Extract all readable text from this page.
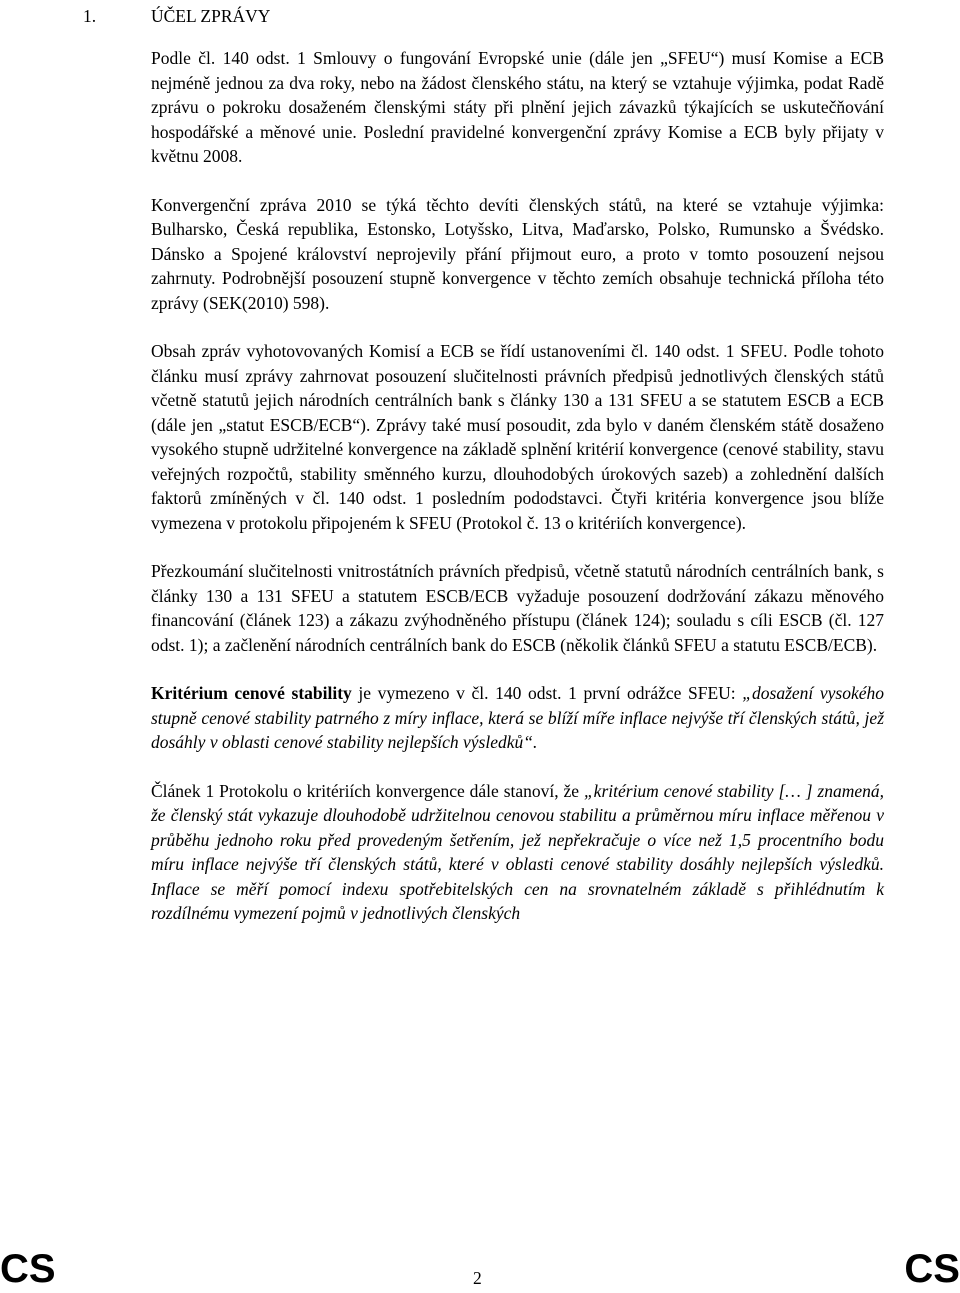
1.	ÚČEL ZPRÁVY

Podle čl. 140 odst. 1 Smlouvy o fungování Evropské unie (dále jen „SFEU“) musí Komise a ECB nejméně jednou za dva roky, nebo na žádost členského státu, na který se vztahuje výjimka, podat Radě zprávu o pokroku dosaženém členskými státy při plnění jejich závazků týkajících se uskutečňování hospodářské a měnové unie. Poslední pravidelné konvergenční zprávy Komise a ECB byly přijaty v květnu 2008.

Konvergenční zpráva 2010 se týká těchto devíti členských států, na které se vztahuje výjimka: Bulharsko, Česká republika, Estonsko, Lotyšsko, Litva, Maďarsko, Polsko, Rumunsko a Švédsko. Dánsko a Spojené království neprojevily přání přijmout euro, a proto v tomto posouzení nejsou zahrnuty. Podrobnější posouzení stupně konvergence v těchto zemích obsahuje technická příloha této zprávy (SEK(2010) 598).

Obsah zpráv vyhotovovaných Komisí a ECB se řídí ustanoveními čl. 140 odst. 1 SFEU. Podle tohoto článku musí zprávy zahrnovat posouzení slučitelnosti právních předpisů jednotlivých členských států včetně statutů jejich národních centrálních bank s články 130 a 131 SFEU a se statutem ESCB a ECB (dále jen „statut ESCB/ECB“). Zprávy také musí posoudit, zda bylo v daném členském státě dosaženo vysokého stupně udržitelné konvergence na základě splnění kritérií konvergence (cenové stability, stavu veřejných rozpočtů, stability směnného kurzu, dlouhodobých úrokových sazeb) a zohlednění dalších faktorů zmíněných v čl. 140 odst. 1 posledním pododstavci. Čtyři kritéria konvergence jsou blíže vymezena v protokolu připojeném k SFEU (Protokol č. 13 o kritériích konvergence).

Přezkoumání slučitelnosti vnitrostátních právních předpisů, včetně statutů národních centrálních bank, s články 130 a 131 SFEU a statutem ESCB/ECB vyžaduje posouzení dodržování zákazu měnového financování (článek 123) a zákazu zvýhodněného přístupu (článek 124); souladu s cíli ESCB (čl. 127 odst. 1); a začlenění národních centrálních bank do ESCB (několik článků SFEU a statutu ESCB/ECB).

Kritérium cenové stability je vymezeno v čl. 140 odst. 1 první odrážce SFEU: „dosažení vysokého stupně cenové stability patrného z míry inflace, která se blíží míře inflace nejvýše tří členských států, jež dosáhly v oblasti cenové stability nejlepších výsledků“.

Článek 1 Protokolu o kritériích konvergence dále stanoví, že „kritérium cenové stability [… ] znamená, že členský stát vykazuje dlouhodobě udržitelnou cenovou stabilitu a průměrnou míru inflace měřenou v průběhu jednoho roku před provedeným šetřením, jež nepřekračuje o více než 1,5 procentního bodu míru inflace nejvýše tří členských států, které v oblasti cenové stability dosáhly nejlepších výsledků. Inflace se měří pomocí indexu spotřebitelských cen na srovnatelném základě s přihlédnutím k rozdílnému vymezení pojmů v jednotlivých členských

CS	2	CS
